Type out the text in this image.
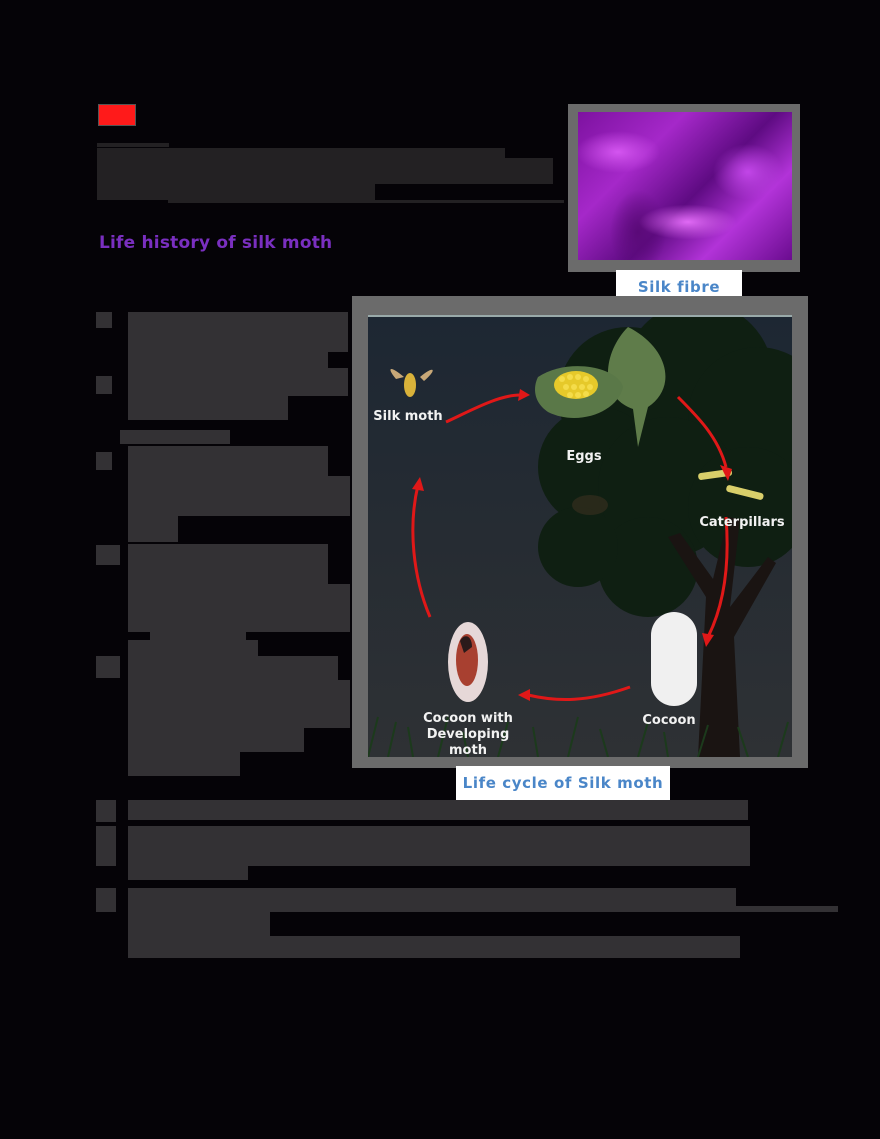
Life history of silk moth
Silk fibre
Silk moth
Eggs
Caterpillars
Cocoon
Cocoon with Developing moth
Life cycle of Silk moth
